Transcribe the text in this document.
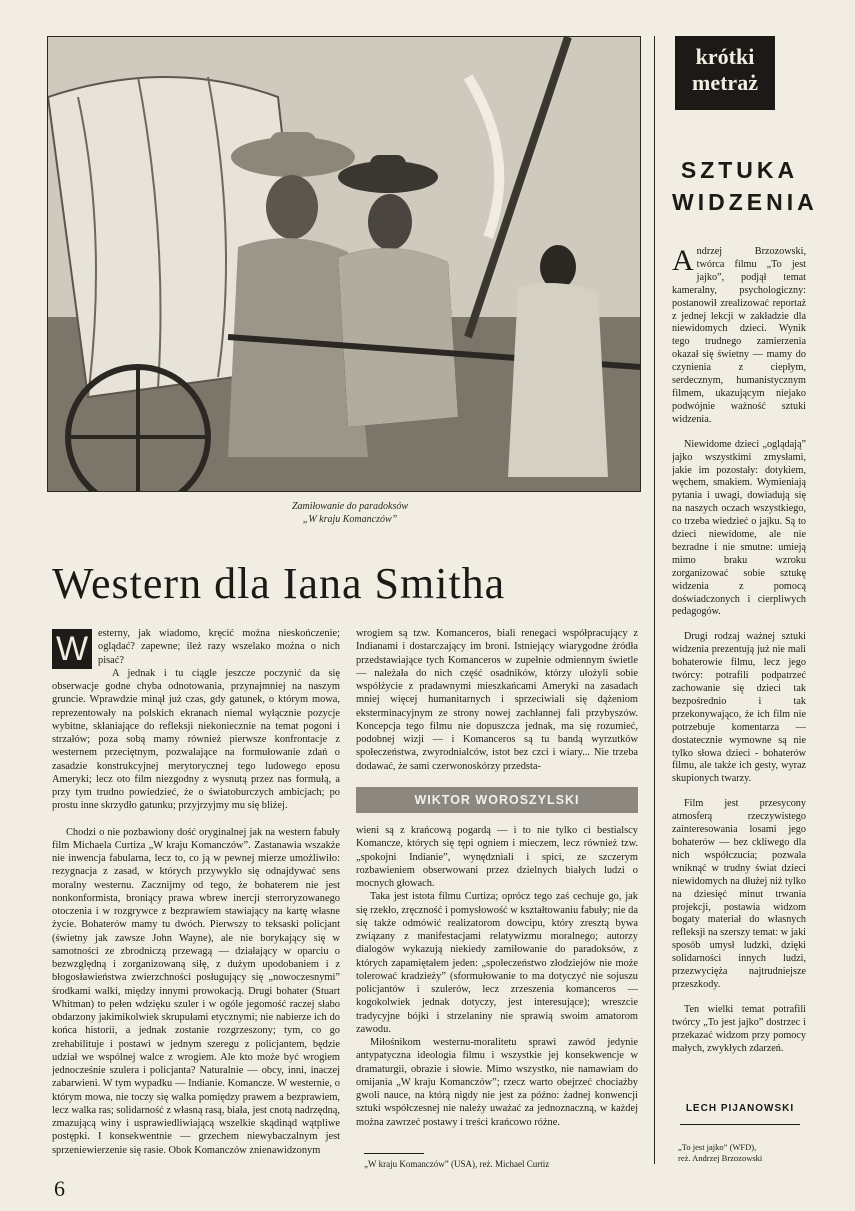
Zamiłowanie do paradoksów
„W kraju Komanczów”
Western dla Iana Smitha
W esterny, jak wiadomo, kręcić można nieskończenie; oglądać? zapewne; ileż razy wszelako można o nich pisać?

A jednak i tu ciągle jeszcze poczynić da się obserwacje godne chyba odnotowania, przynajmniej na naszym gruncie. Wprawdzie minął już czas, gdy gatunek, o którym mowa, reprezentowały na polskich ekranach niemal wyłącznie pozycje wybitne, skłaniające do refleksji niekoniecznie na temat pogoni i strzałów; poza sobą mamy również pierwsze konfrontacje z westernem przeciętnym, pozwalające na formułowanie zdań o zasadzie konstrukcyjnej merytorycznej tego ludowego eposu Ameryki; lecz oto film niezgodny z wysnutą przez nas formułą, a przy tym trudno powiedzieć, że o światoburczych ambicjach; po prostu inne skrzydło gatunku; przyjrzyjmy mu się bliżej.

Chodzi o nie pozbawiony dość oryginalnej jak na western fabuły film Michaela Curtiza „W kraju Komanczów”. Zastanawia wszakże nie inwencja fabularna, lecz to, co ją w pewnej mierze umożliwiło: rezygnacja z zasad, w których przywykło się odnajdywać sens moralny westernu. Zacznijmy od tego, że bohaterem nie jest nonkonformista, broniący prawa wbrew inercji sterroryzowanego otoczenia i w rozgrywce z bezprawiem stawiający na kartę własne życie. Bohaterów mamy tu dwóch. Pierwszy to teksaski policjant (świetny jak zawsze John Wayne), ale nie borykający się w samotności ze zbrodniczą przewagą — działający w oparciu o bezwzględną i zorganizowaną siłę, z dużym upodobaniem i z błogosławieństwa zwierzchności posługujący się „nowoczesnymi” środkami walki, między innymi prowokacją. Drugi bohater (Stuart Whitman) to pełen wdzięku szuler i w ogóle jegomość raczej słabo obdarzony jakimikolwiek skrupułami etycznymi; nie nabierze ich do końca historii, a jednak zostanie rozgrzeszony; tym, co go zrehabilituje i postawi w jednym szeregu z policjantem, będzie udział we wspólnej walce z wrogiem. Ale kto może być wrogiem jednocześnie szulera i policjanta? Naturalnie — obcy, inni, inaczej zabarwieni. W tym wypadku — Indianie. Komancze. W westernie, o którym mowa, nie toczy się walka pomiędzy prawem a bezprawiem, lecz walka ras; solidarność z własną rasą, biała, jest cnotą nadrzędną, zmazującą winy i usprawiedliwiającą wszelkie skądinąd wątpliwe postępki. I konsekwentnie — grzechem niewybaczalnym jest sprzeniewierzenie się rasie. Obok Komanczów znienawidzonym

wrogiem są tzw. Komanceros, biali renegaci współpracujący z Indianami i dostarczający im broni. Istniejący wiarygodne źródła przedstawiające tych Komanceros w zupełnie odmiennym świetle — należała do nich część osadników, którzy ułożyli sobie współżycie z pradawnymi mieszkańcami Ameryki na zasadach mniej więcej humanitarnych i sprzeciwiali się dążeniom eksterminacyjnym ze strony nowej zachłannej fali przybyszów. Koncepcja tego filmu nie dopuszcza jednak, ma się rozumieć, podobnej wizji — i Komanceros są tu bandą wyrzutków społeczeństwa, zwyrodnialców, istot bez czci i wiary... Nie trzeba dodawać, że sami czerwonoskórzy przedsta-

WIKTOR WOROSZYLSKI

wieni są z krańcową pogardą — i to nie tylko ci bestialscy Komancze, których się tępi ogniem i mieczem, lecz również tzw. „spokojni Indianie”, wynędzniali i spici, ze szczerym rozbawieniem obserwowani przez dzielnych białych ludzi o mocnych głowach.

Taka jest istota filmu Curtiza; oprócz tego zaś cechuje go, jak się rzekło, zręczność i pomysłowość w kształtowaniu fabuły; nie da się także odmówić realizatorom dowcipu, który zresztą bywa związany z manifestacjami relatywizmu moralnego; autorzy dialogów wykazują niekiedy zamiłowanie do paradoksów, z których zapamiętałem jeden: „społeczeństwo złodziejów nie może tolerować kradzieży” (sformułowanie to ma dotyczyć nie sojuszu policjantów i szulerów, lecz zrzeszenia komanceros — kogokolwiek jednak dotyczy, jest interesujące); wreszcie tradycyjne bójki i strzelaniny nie sprawią swoim amatorom zawodu.

Miłośnikom westernu-moralitetu sprawi zawód jedynie antypatyczna ideologia filmu i wszystkie jej konsekwencje w dramaturgii, obrazie i słowie. Mimo wszystko, nie namawiam do omijania „W kraju Komanczów”; rzecz warto obejrzeć chociażby gwoli nauce, na którą nigdy nie jest za późno: żadnej konwencji sztuki współczesnej nie należy uważać za jednoznaczną, w każdej można zawrzeć postawy i treści krańcowo różne.

„W kraju Komanczów” (USA), reż. Michael Curtiz
6
krótki
metraż
SZTUKA
WIDZENIA

Andrzej Brzozowski, twórca filmu „To jest jajko”, podjął temat kameralny, psychologiczny: postanowił zrealizować reportaż z jednej lekcji w zakładzie dla niewidomych dzieci. Wynik tego trudnego zamierzenia okazał się świetny — mamy do czynienia z ciepłym, serdecznym, humanistycznym filmem, ukazującym niejako podwójnie ważność sztuki widzenia.

Niewidome dzieci „oglądają” jajko wszystkimi zmysłami, jakie im pozostały: dotykiem, węchem, smakiem. Wymieniają pytania i uwagi, dowiadują się na naszych oczach wszystkiego, co trzeba wiedzieć o jajku. Są to dzieci niewidome, ale nie bezradne i nie smutne: umieją mimo braku wzroku zorganizować sobie sztukę widzenia z pomocą doświadczonych i cierpliwych pedagogów.

Drugi rodzaj ważnej sztuki widzenia prezentują już nie mali bohaterowie filmu, lecz jego twórcy: potrafili podpatrzeć zachowanie się dzieci tak bezpośrednio i tak przekonywająco, że ich film nie potrzebuje komentarza — dostatecznie wymowne są nie tylko słowa dzieci - bohaterów filmu, ale także ich gesty, wyraz skupionych twarzy.

Film jest przesycony atmosferą rzeczywistego zainteresowania losami jego bohaterów — bez ckliwego dla nich współczucia; pozwala wniknąć w trudny świat dzieci niewidomych na dłużej niż tylko na dziesięć minut trwania projekcji, postawia widzom bogaty materiał do własnych refleksji na szerszy temat: w jaki sposób umysł ludzki, dzięki solidarności innych ludzi, przezwycięża najtrudniejsze przeszkody.

Ten wielki temat potrafili twórcy „To jest jajko” dostrzec i przekazać widzom przy pomocy małych, zwykłych zdarzeń.

LECH PIJANOWSKI
„To jest jajko” (WFD),
reż. Andrzej Brzozowski
